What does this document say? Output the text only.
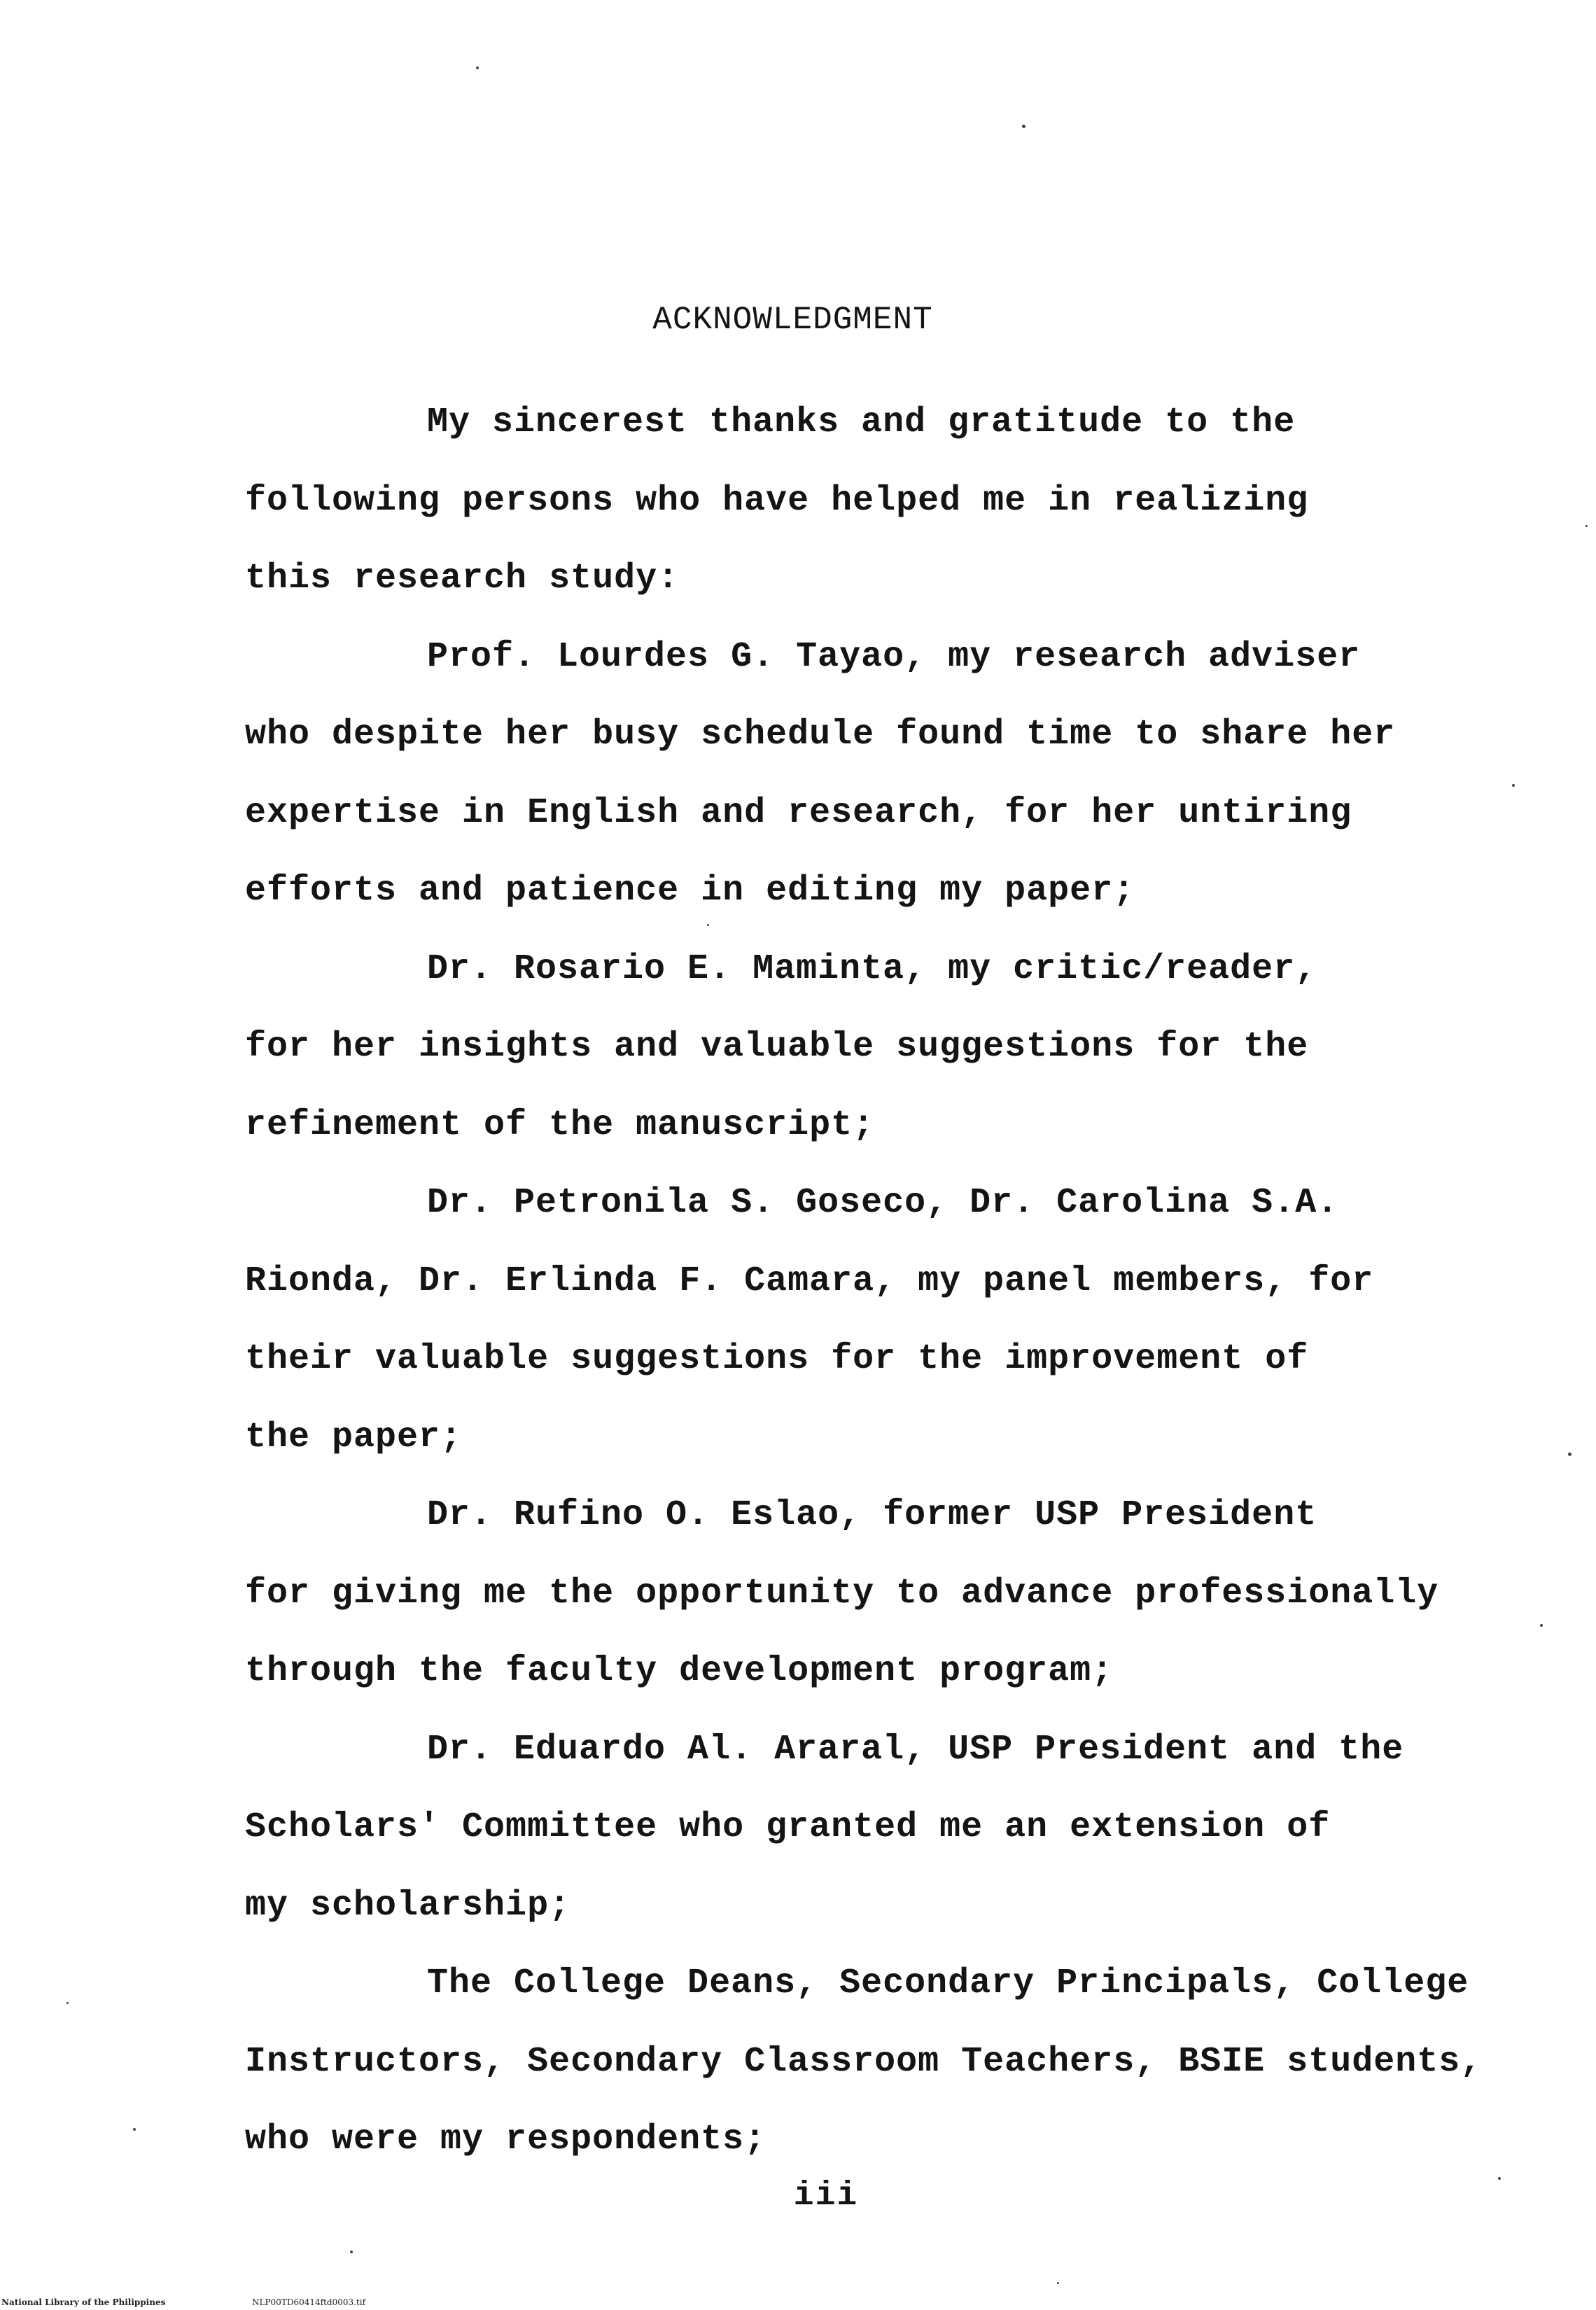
ACKNOWLEDGMENT

My sincerest thanks and gratitude to the
following persons who have helped me in realizing
this research study:

Prof. Lourdes G. Tayao, my research adviser
who despite her busy schedule found time to share her
expertise in English and research, for her untiring
efforts and patience in editing my paper;

Dr. Rosario E. Maminta, my critic/reader,
for her insights and valuable suggestions for the
refinement of the manuscript;

Dr. Petronila S. Goseco, Dr. Carolina S.A.
Rionda, Dr. Erlinda F. Camara, my panel members, for
their valuable suggestions for the improvement of
the paper;

Dr. Rufino O. Eslao, former USP President
for giving me the opportunity to advance professionally
through the faculty development program;

Dr. Eduardo Al. Araral, USP President and the
Scholars' Committee who granted me an extension of
my scholarship;

The College Deans, Secondary Principals, College
Instructors, Secondary Classroom Teachers, BSIE students,
who were my respondents;

iii
National Library of the Philippines	NLP00TD60414ftd0003.tif
